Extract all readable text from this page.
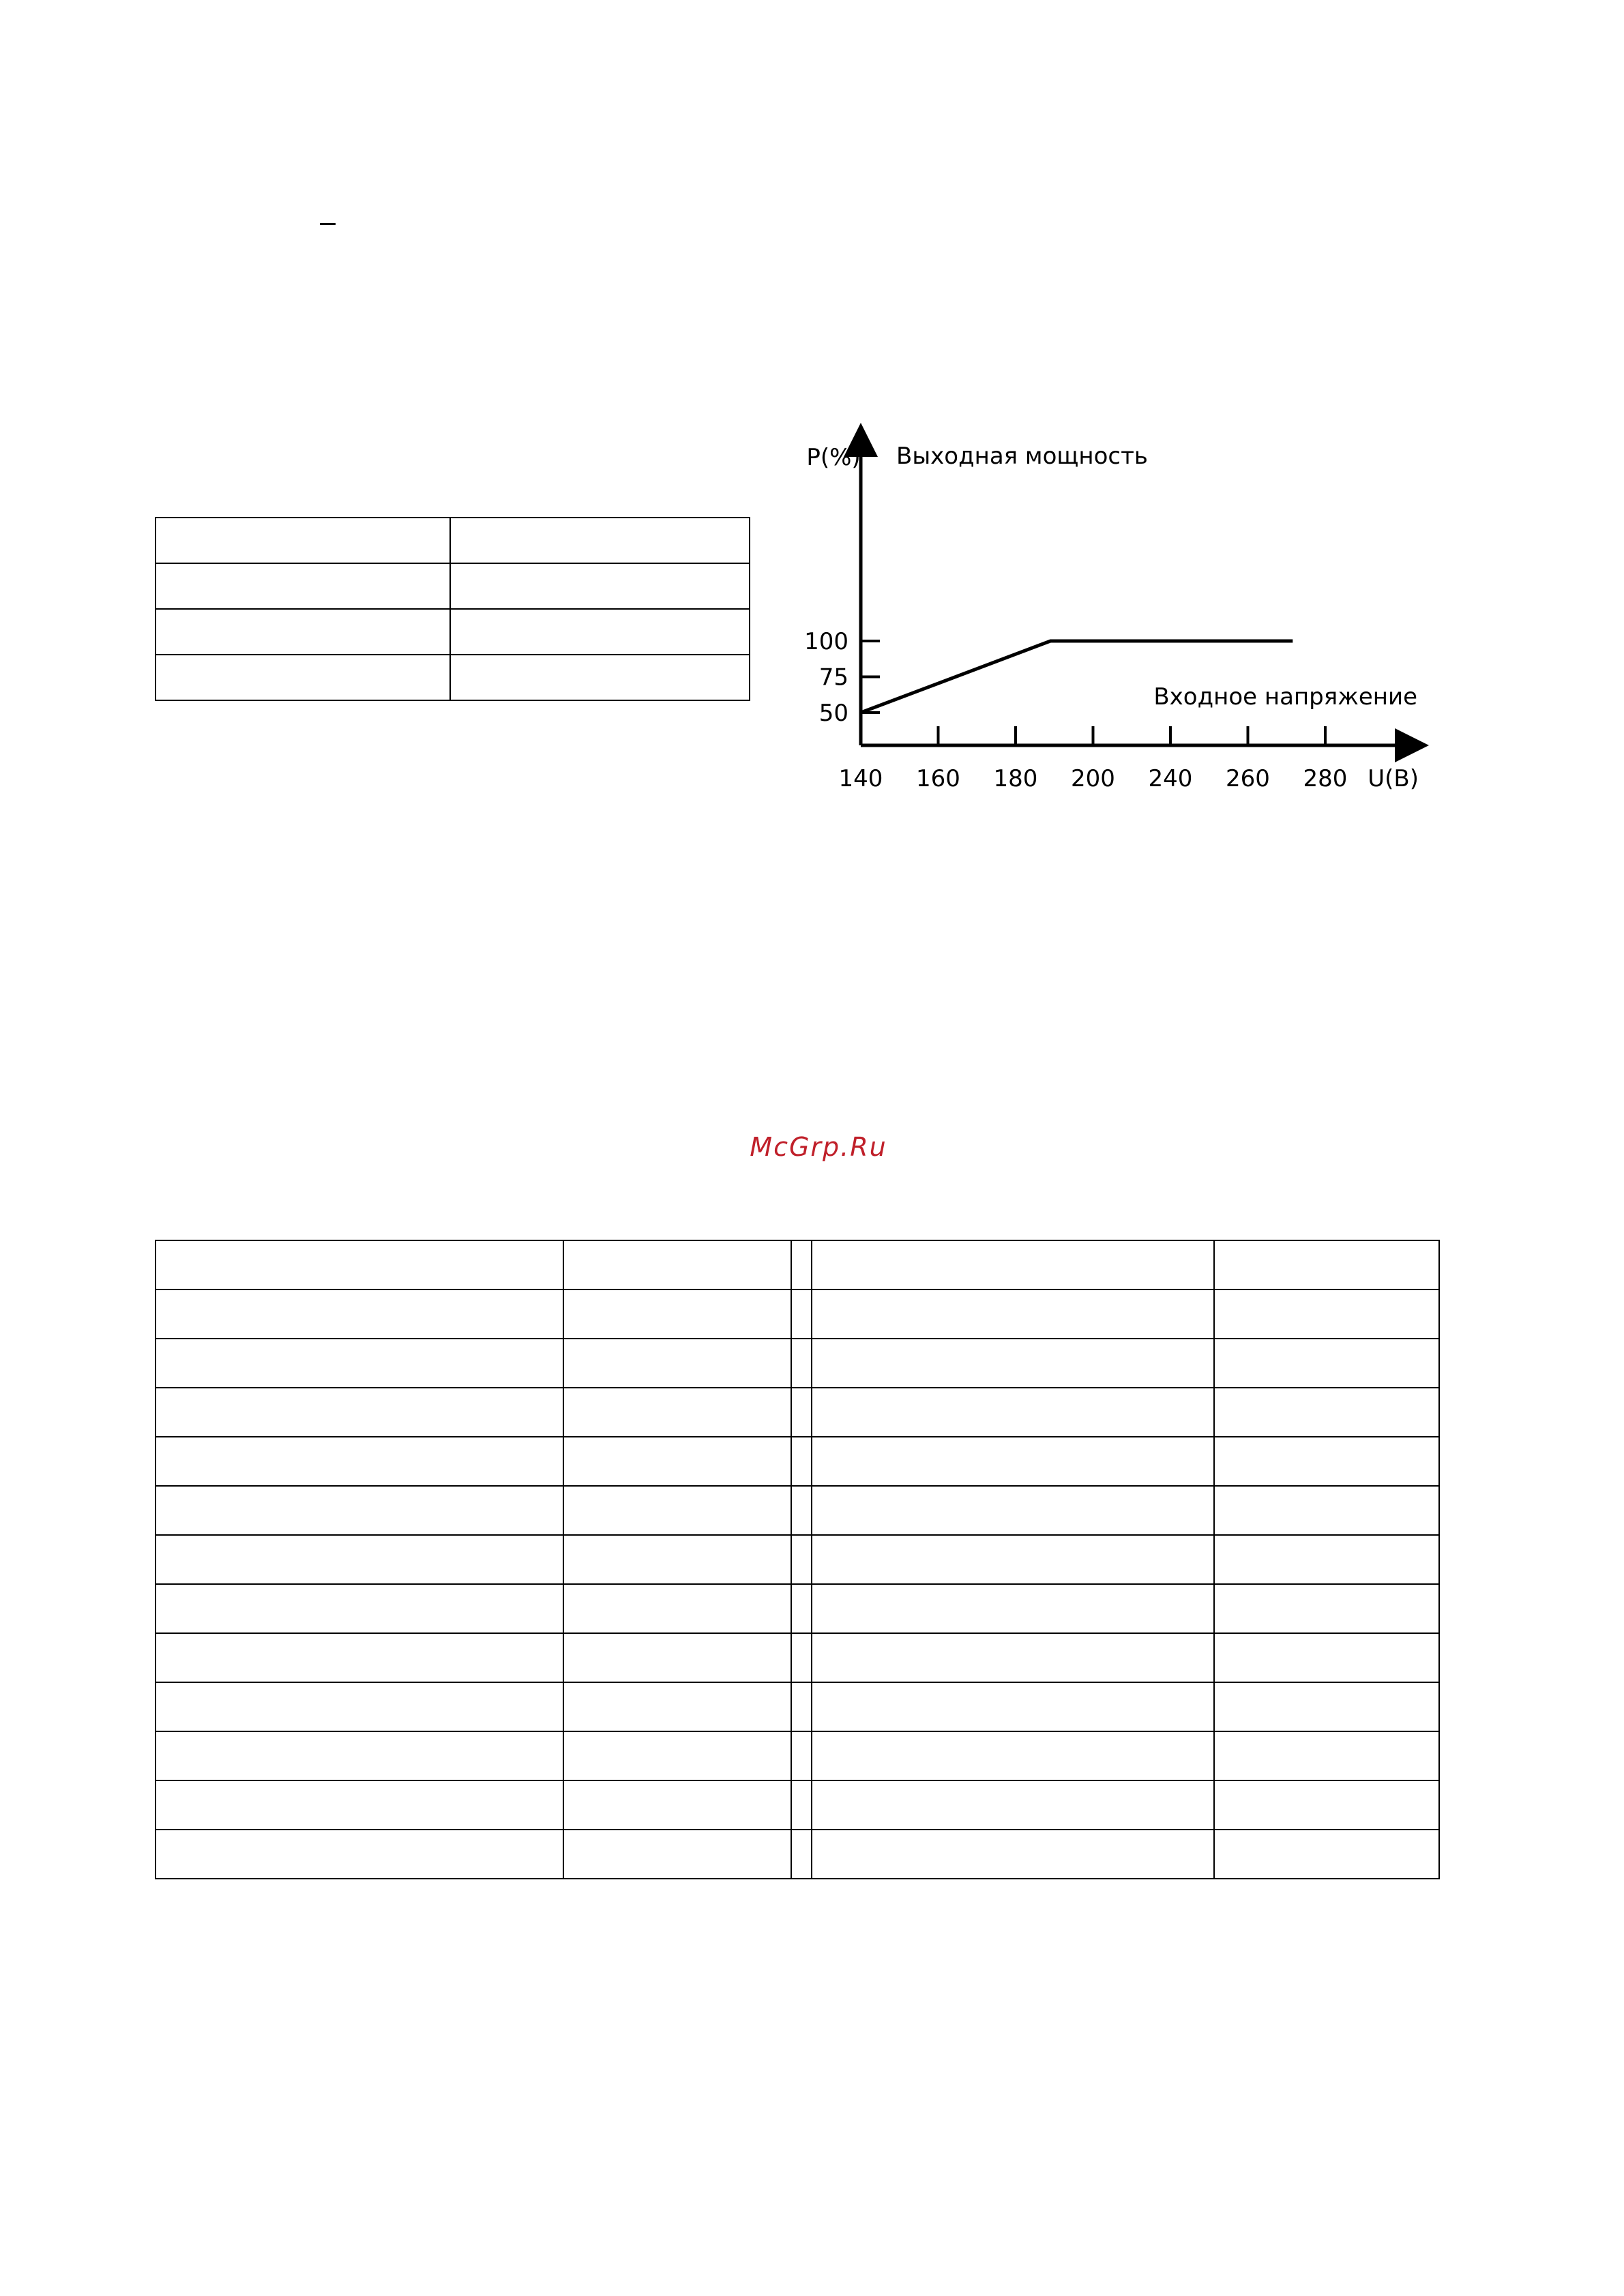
50
75
100
140 160 180 200 240 260 280
P(%) Выходная мощность
Входное напряжение
U(B)
McGrp.Ru
